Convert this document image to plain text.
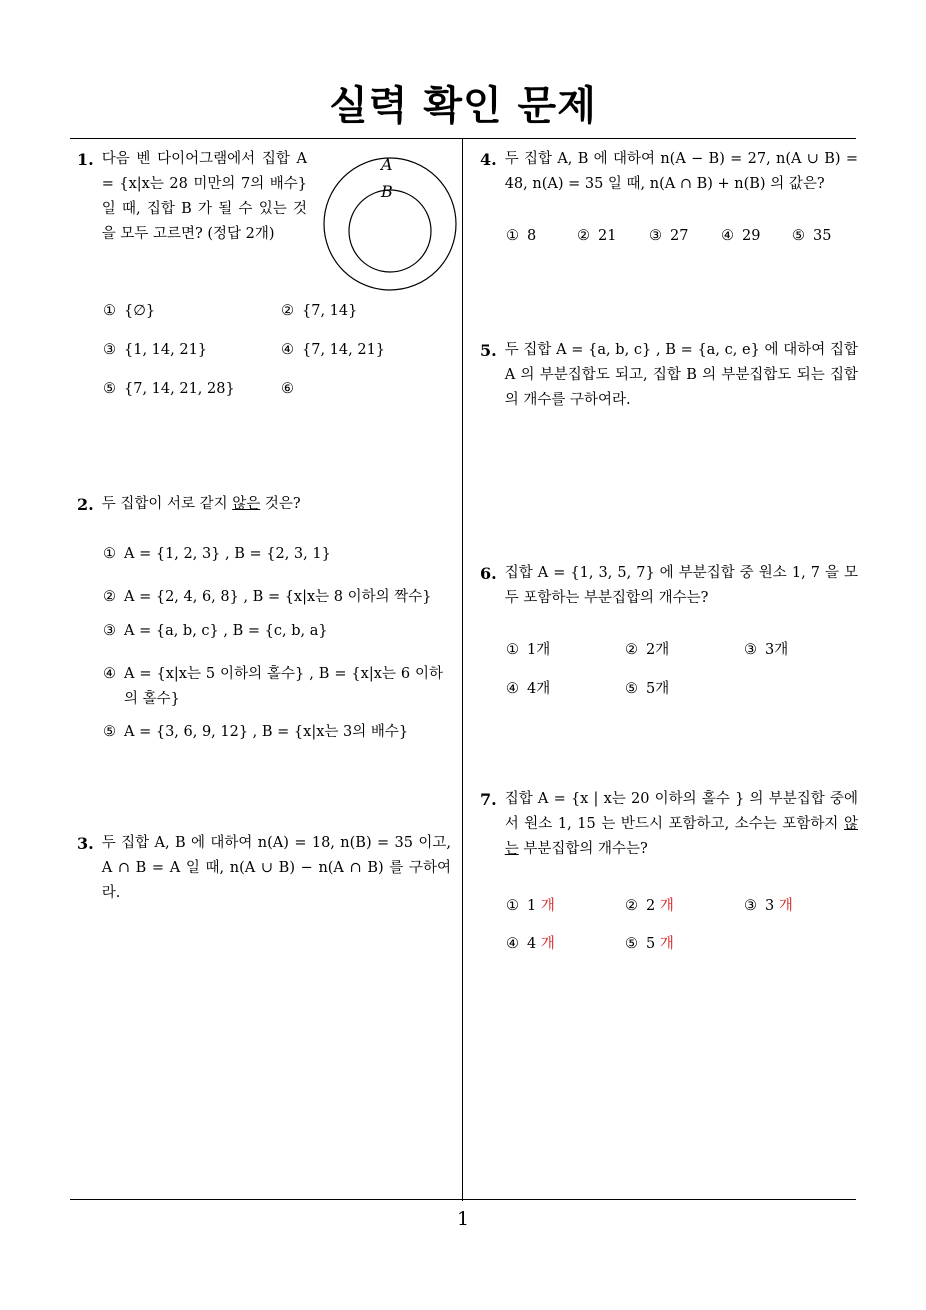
실력 확인 문제
1
1. 다음 벤 다이어그램에서 집합 A = {x|x는 28 미만의 7의 배수} 일 때, 집합 B 가 될 수 있는 것을 모두 고르면? (정답 2개)
A
B
① {∅}	② {7, 14}
③ {1, 14, 21}	④ {7, 14, 21}
⑤ {7, 14, 21, 28}	⑥
2. 두 집합이 서로 같지 않은 것은?
① A = {1, 2, 3} , B = {2, 3, 1}
② A = {2, 4, 6, 8} , B = {x|x는 8 이하의 짝수}
③ A = {a, b, c} , B = {c, b, a}
④ A = {x|x는 5 이하의 홀수} , B = {x|x는 6 이하의 홀수}
⑤ A = {3, 6, 9, 12} , B = {x|x는 3의 배수}
3. 두 집합 A, B 에 대하여 n(A) = 18, n(B) = 35 이고, A ∩ B = A 일 때, n(A ∪ B) − n(A ∩ B) 를 구하여라.
4. 두 집합 A, B 에 대하여 n(A − B) = 27, n(A ∪ B) = 48, n(A) = 35 일 때, n(A ∩ B) + n(B) 의 값은?
① 8	② 21 ③ 27 ④ 29 ⑤ 35
5. 두 집합 A = {a, b, c} , B = {a, c, e} 에 대하여 집합 A 의 부분집합도 되고, 집합 B 의 부분집합도 되는 집합의 개수를 구하여라.
6. 집합 A = {1, 3, 5, 7} 에 부분집합 중 원소 1, 7 을 모두 포함하는 부분집합의 개수는?
① 1개	② 2개	③ 3개
④ 4개	⑤ 5개
7. 집합 A = {x | x는 20 이하의 홀수 } 의 부분집합 중에서 원소 1, 15 는 반드시 포함하고, 소수는 포함하지 않는 부분집합의 개수는?
① 1 개	② 2 개	③ 3 개
④ 4 개	⑤ 5 개
